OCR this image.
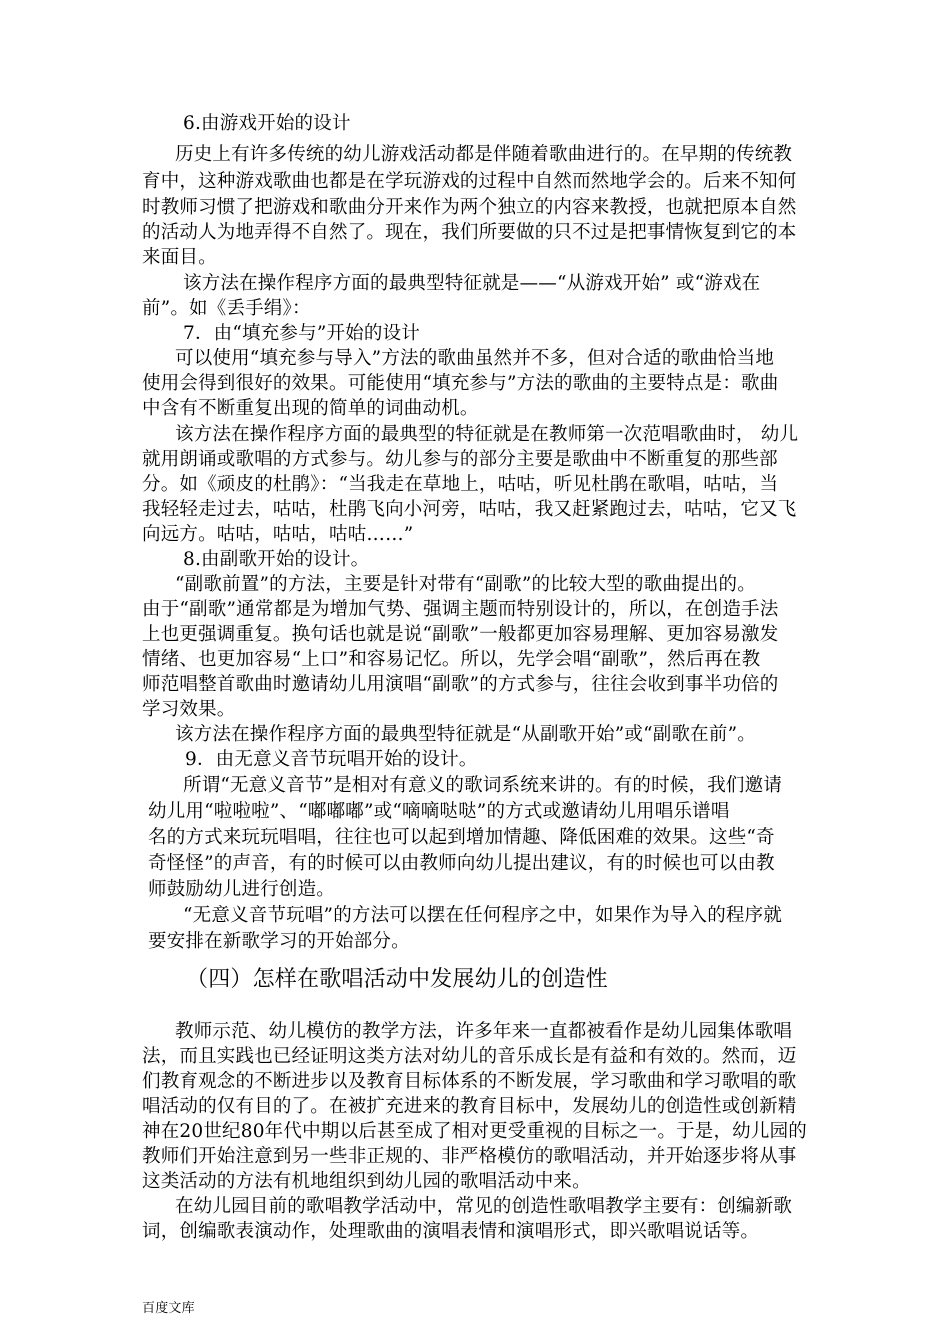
6.由游戏开始的设计
历史上有许多传统的幼儿游戏活动都是伴随着歌曲进行的。在早期的传统教
育中，这种游戏歌曲也都是在学玩游戏的过程中自然而然地学会的。后来不知何
时教师习惯了把游戏和歌曲分开来作为两个独立的内容来教授，也就把原本自然
的活动人为地弄得不自然了。现在，我们所要做的只不过是把事情恢复到它的本
来面目。
该方法在操作程序方面的最典型特征就是——“从游戏开始” 或“游戏在
前”。如《丢手绢》：
7．由“填充参与”开始的设计
可以使用“填充参与导入”方法的歌曲虽然并不多，但对合适的歌曲恰当地
使用会得到很好的效果。可能使用“填充参与”方法的歌曲的主要特点是：歌曲
中含有不断重复出现的简单的词曲动机。
该方法在操作程序方面的最典型的特征就是在教师第一次范唱歌曲时， 幼儿
就用朗诵或歌唱的方式参与。幼儿参与的部分主要是歌曲中不断重复的那些部
分。如《顽皮的杜鹃》：“当我走在草地上，咕咕，听见杜鹃在歌唱，咕咕，当
我轻轻走过去，咕咕，杜鹃飞向小河旁，咕咕，我又赶紧跑过去，咕咕，它又飞
向远方。咕咕，咕咕，咕咕……”
8.由副歌开始的设计。
“副歌前置”的方法，主要是针对带有“副歌”的比较大型的歌曲提出的。
由于“副歌”通常都是为增加气势、强调主题而特别设计的，所以，在创造手法
上也更强调重复。换句话也就是说“副歌”一般都更加容易理解、更加容易激发
情绪、也更加容易“上口”和容易记忆。所以，先学会唱“副歌”，然后再在教
师范唱整首歌曲时邀请幼儿用演唱“副歌”的方式参与，往往会收到事半功倍的
学习效果。
该方法在操作程序方面的最典型特征就是“从副歌开始”或“副歌在前”。
9．由无意义音节玩唱开始的设计。
所谓“无意义音节”是相对有意义的歌词系统来讲的。有的时候，我们邀请
幼儿用“啦啦啦”、“嘟嘟嘟”或“嘀嘀哒哒”的方式或邀请幼儿用唱乐谱唱
名的方式来玩玩唱唱，往往也可以起到增加情趣、降低困难的效果。这些“奇
奇怪怪”的声音，有的时候可以由教师向幼儿提出建议，有的时候也可以由教
师鼓励幼儿进行创造。
“无意义音节玩唱”的方法可以摆在任何程序之中，如果作为导入的程序就
要安排在新歌学习的开始部分。
（四）怎样在歌唱活动中发展幼儿的创造性
教师示范、幼儿模仿的教学方法，许多年来一直都被看作是幼儿园集体歌唱
法，而且实践也已经证明这类方法对幼儿的音乐成长是有益和有效的。然而，迈
们教育观念的不断进步以及教育目标体系的不断发展，学习歌曲和学习歌唱的歌
唱活动的仅有目的了。在被扩充进来的教育目标中，发展幼儿的创造性或创新精
神在20世纪80年代中期以后甚至成了相对更受重视的目标之一。于是，幼儿园的
教师们开始注意到另一些非正规的、非严格模仿的歌唱活动，并开始逐步将从事
这类活动的方法有机地组织到幼儿园的歌唱活动中来。
在幼儿园目前的歌唱教学活动中，常见的创造性歌唱教学主要有：创编新歌
词，创编歌表演动作，处理歌曲的演唱表情和演唱形式，即兴歌唱说话等。
百度文库
